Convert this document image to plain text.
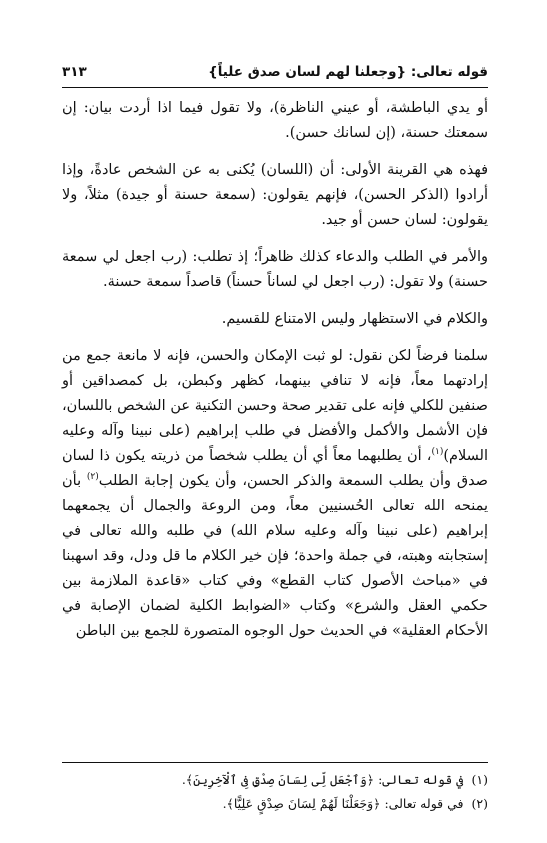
قوله تعالى: {وجعلنا لهم لسان صدق علياً}
٣١٣

أو يدي الباطشة، أو عيني الناظرة)، ولا تقول فيما اذا أردت بيان: إن سمعتك حسنة، (إن لسانك حسن).

فهذه هي القرينة الأولى: أن (اللسان) يُكنى به عن الشخص عادةً، وإذا أرادوا (الذكر الحسن)، فإنهم يقولون: (سمعة حسنة أو جيدة) مثلاً، ولا يقولون: لسان حسن أو جيد.

والأمر في الطلب والدعاء كذلك ظاهراً؛ إذ تطلب: (رب اجعل لي سمعة حسنة) ولا تقول: (رب اجعل لي لساناً حسناً) قاصداً سمعة حسنة.

والكلام في الاستظهار وليس الامتناع للقسيم.

سلمنا فرضاً لكن نقول: لو ثبت الإمكان والحسن، فإنه لا مانعة جمع من إرادتهما معاً، فإنه لا تنافي بينهما، كظهر وكبطن، بل كمصداقين أو صنفين للكلي فإنه على تقدير صحة وحسن التكنية عن الشخص باللسان، فإن الأشمل والأكمل والأفضل في طلب إبراهيم (على نبينا وآله وعليه السلام)$^{(١)}$، أن يطلبهما معاً أي أن يطلب شخصاً من ذريته يكون ذا لسان صدق وأن يطلب السمعة والذكر الحسن، وأن يكون إجابة الطلب$^{(٢)}$ بأن يمنحه الله تعالى الحُسنيين معاً، ومن الروعة والجمال أن يجمعهما إبراهيم (على نبينا وآله وعليه سلام الله) في طلبه والله تعالى في إستجابته وهبته، في جملة واحدة؛ فإن خير الكلام ما قل ودل، وقد اسهبنا في «مباحث الأصول كتاب القطع» وفي كتاب «قاعدة الملازمة بين حكمي العقل والشرع» وكتاب «الضوابط الكلية لضمان الإصابة في الأحكام العقلية» في الحديث حول الوجوه المتصورة للجمع بين الباطن

(١)
في قوله تعالى: ﴿وَٱجْعَل لِّى لِسَانَ صِدْقٍ فِى ٱلْآخِرِينَ﴾.
(٢)
في قوله تعالى: ﴿وَجَعَلْنَا لَهُمْ لِسَانَ صِدْقٍ عَلِيًّا﴾.
